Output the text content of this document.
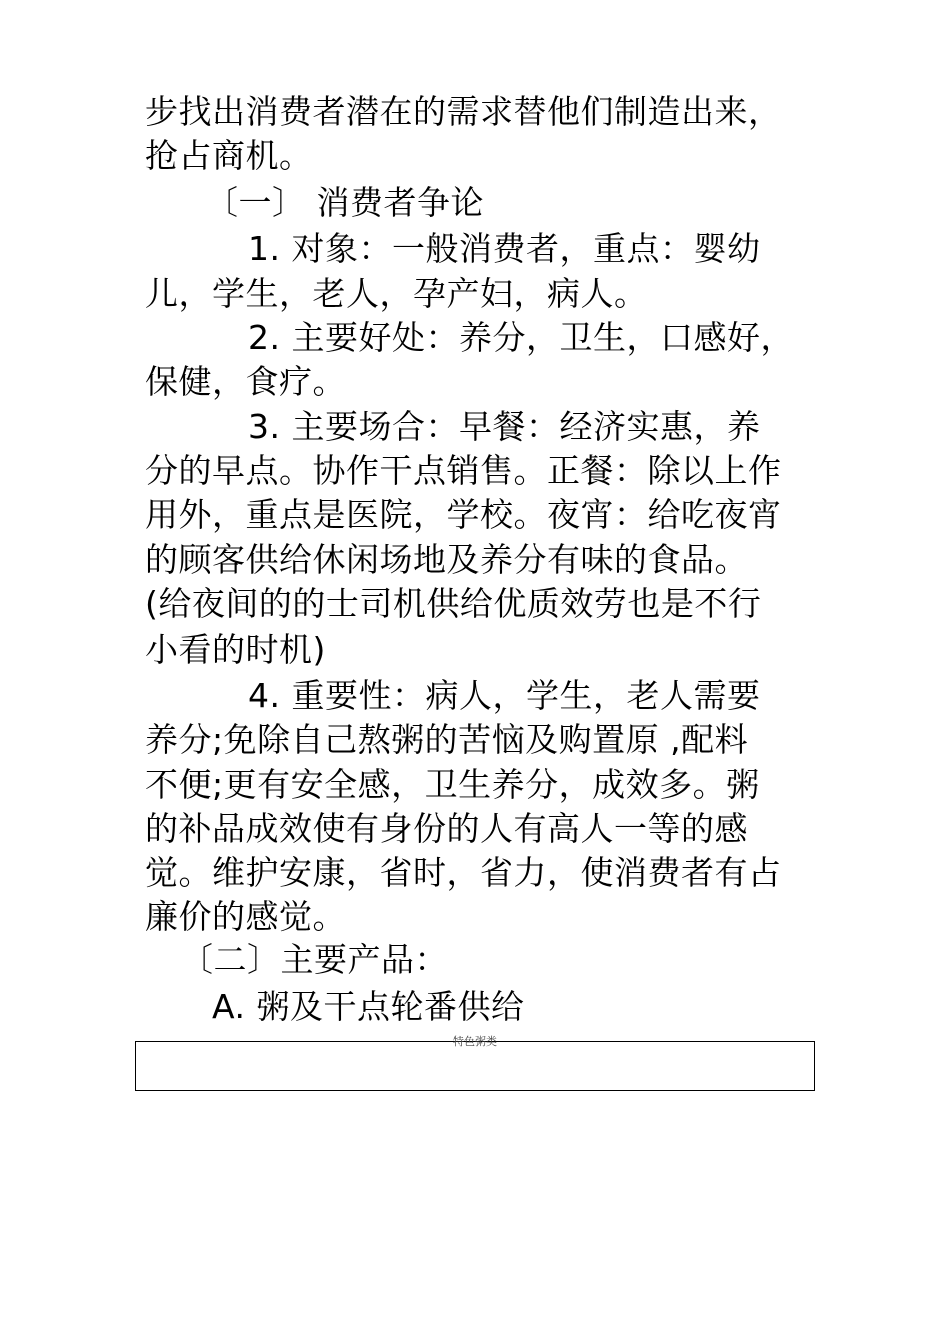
步找出消费者潜在的需求替他们制造出来，
抢占商机。
〔一〕 消费者争论
1. 对象：一般消费者，重点：婴幼
儿，学生，老人，孕产妇，病人。
2. 主要好处：养分，卫生，口感好，
保健，食疗。
3. 主要场合：早餐：经济实惠，养
分的早点。协作干点销售。正餐：除以上作
用外，重点是医院，学校。夜宵：给吃夜宵
的顾客供给休闲场地及养分有味的食品。
(给夜间的的士司机供给优质效劳也是不行
小看的时机)
4. 重要性：病人，学生，老人需要
养分;免除自己熬粥的苦恼及购置原 ,配料
不便;更有安全感，卫生养分，成效多。粥
的补品成效使有身份的人有高人一等的感
觉。维护安康，省时，省力，使消费者有占
廉价的感觉。
〔二〕主要产品：
A. 粥及干点轮番供给
特色粥类
